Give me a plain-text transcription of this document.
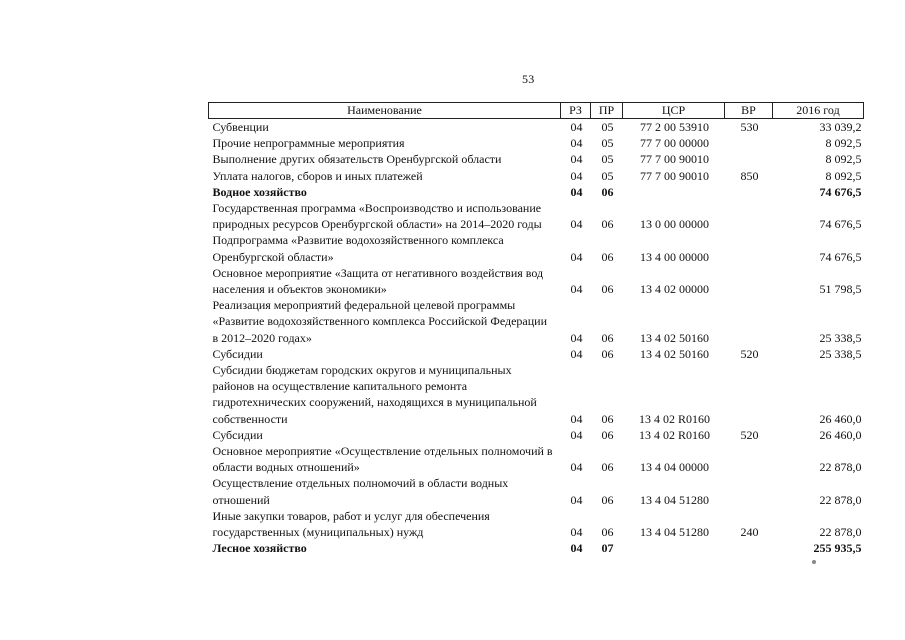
53
Наименование	РЗ	ПР	ЦСР	ВР	2016 год
Субвенции	04	05	77 2 00 53910	530	33 039,2
Прочие непрограммные мероприятия	04	05	77 7 00 00000		8 092,5
Выполнение других обязательств Оренбургской области	04	05	77 7 00 90010		8 092,5
Уплата налогов, сборов и иных платежей	04	05	77 7 00 90010	850	8 092,5
Водное хозяйство	04	06			74 676,5
Государственная программа «Воспроизводство и использование природных ресурсов Оренбургской области» на 2014–2020 годы	04	06	13 0 00 00000		74 676,5
Подпрограмма «Развитие водохозяйственного комплекса Оренбургской области»	04	06	13 4 00 00000		74 676,5
Основное мероприятие «Защита от негативного воздействия вод населения и объектов экономики»	04	06	13 4 02 00000		51 798,5
Реализация мероприятий федеральной целевой программы «Развитие водохозяйственного комплекса Российской Федерации в 2012–2020 годах»	04	06	13 4 02 50160		25 338,5
Субсидии	04	06	13 4 02 50160	520	25 338,5
Субсидии бюджетам городских округов и муниципальных районов на осуществление капитального ремонта гидротехнических сооружений, находящихся в муниципальной собственности	04	06	13 4 02 R0160		26 460,0
Субсидии	04	06	13 4 02 R0160	520	26 460,0
Основное мероприятие «Осуществление отдельных полномочий в области водных отношений»	04	06	13 4 04 00000		22 878,0
Осуществление отдельных полномочий в области водных отношений	04	06	13 4 04 51280		22 878,0
Иные закупки товаров, работ и услуг для обеспечения государственных (муниципальных) нужд	04	06	13 4 04 51280	240	22 878,0
Лесное хозяйство	04	07			255 935,5
